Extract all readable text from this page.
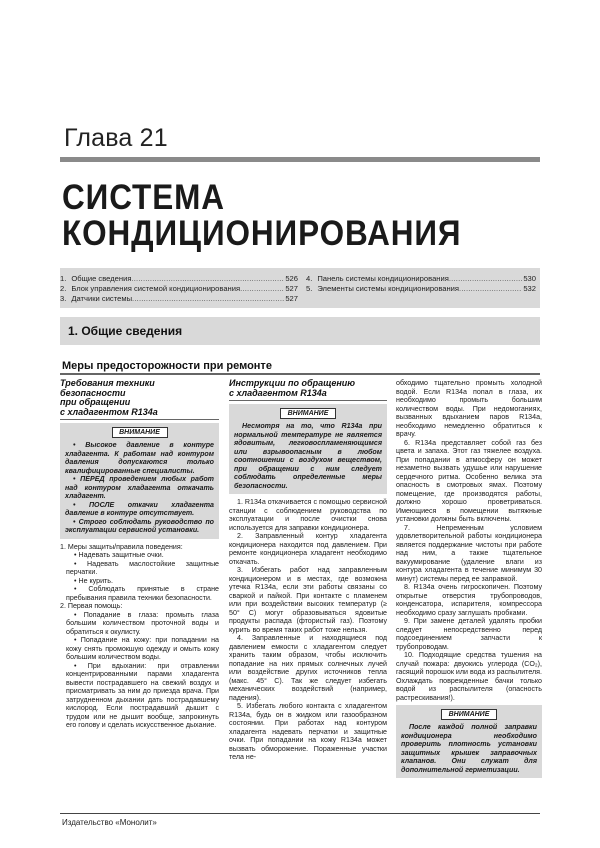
Глава 21
СИСТЕМА
КОНДИЦИОНИРОВАНИЯ
1. Общие сведения .....	526
2. Блок управления системой кондиционирования .....	527
3. Датчики системы .....	527
4. Панель системы кондиционирования .....	530
5. Элементы системы кондиционирования .....	532
1. Общие сведения
Меры предосторожности при ремонте
Требования техники
безопасности
при обращении
с хладагентом R134a
ВНИМАНИЕ

• Высокое давление в контуре хладагента. К работам над контуром давления допускаются только квалифицированные специалисты.

• ПЕРЕД проведением любых работ над контуром хладагента откачать хладагент.

• ПОСЛЕ откачки хладагента давление в контуре отсутствует.

• Строго соблюдать руководство по эксплуатации сервисной установки.

1. Меры защиты/правила поведения:

• Надевать защитные очки.

• Надевать маслостойкие защитные перчатки.

• Не курить.

• Соблюдать принятые в стране пребывания правила техники безопасности.

2. Первая помощь:

• Попадание в глаза: промыть глаза большим количеством проточной воды и обратиться к окулисту.

• Попадание на кожу: при попадании на кожу снять промокшую одежду и омыть кожу большим количеством воды.

• При вдыхании: при отравлении концентрированными парами хладагента вывести пострадавшего на свежий воздух и присматривать за ним до приезда врача. При затрудненном дыхании дать пострадавшему кислород. Если пострадавший дышит с трудом или не дышит вообще, запрокинуть его голову и сделать искусственное дыхание.

Инструкции по обращению
с хладагентом R134a
ВНИМАНИЕ

Несмотря на то, что R134a при нормальной температуре не является ядовитым, легковоспламеняющимся или взрывоопасным в любом соотношении с воздухом веществом, при обращении с ним следует соблюдать определенные меры безопасности.

1. R134a откачивается с помощью сервисной станции с соблюдением руководства по эксплуатации и после очистки снова используется для заправки кондиционера.

2. Заправленный контур хладагента кондиционера находится под давлением. При ремонте кондиционера хладагент необходимо откачать.

3. Избегать работ над заправленным кондиционером и в местах, где возможна утечка R134a, если эти работы связаны со сваркой и пайкой. При контакте с пламенем или при воздействии высоких температур (≥ 50° C) могут образовываться ядовитые продукты распада (фтористый газ). Поэтому курить во время таких работ тоже нельзя.

4. Заправленные и находящиеся под давлением емкости с хладагентом следует хранить таким образом, чтобы исключить попадание на них прямых солнечных лучей или воздействие других источников тепла (макс. 45° C). Так же следует избегать механических воздействий (например, падения).

5. Избегать любого контакта с хладагентом R134a, будь он в жидком или газообразном состоянии. При работах над контуром хладагента надевать перчатки и защитные очки. При попадании на кожу R134a может вызвать обморожение. Пораженные участки тела не-

обходимо тщательно промыть холодной водой. Если R134a попал в глаза, их необходимо промыть большим количеством воды. При недомоганиях, вызванных вдыханием паров R134a, необходимо немедленно обратиться к врачу.

6. R134a представляет собой газ без цвета и запаха. Этот газ тяжелее воздуха. При попадании в атмосферу он может незаметно вызвать удушье или нарушение сердечного ритма. Особенно велика эта опасность в смотровых ямах. Поэтому помещение, где производятся работы, должно хорошо проветриваться. Имеющиеся в помещении вытяжные установки должны быть включены.

7. Непременным условием удовлетворительной работы кондиционера является поддержание чистоты при работе над ним, а также тщательное вакуумирование (удаление влаги из контура хладагента в течение минимум 30 минут) системы перед ее заправкой.

8. R134a очень гигроскопичен. Поэтому открытые отверстия трубопроводов, конденсатора, испарителя, компрессора необходимо сразу заглушать пробками.

9. При замене деталей удалять пробки следует непосредственно перед подсоединением запчасти к трубопроводам.

10. Подходящие средства тушения на случай пожара: двуокись углерода (CO₂), гасящий порошок или вода из распылителя. Охлаждать поврежденные бачки только водой из распылителя (опасность растрескивания!).

ВНИМАНИЕ

После каждой полной заправки кондиционера необходимо проверить плотность установки защитных крышек заправочных клапанов. Они служат для дополнительной герметизации.

Издательство «Монолит»
